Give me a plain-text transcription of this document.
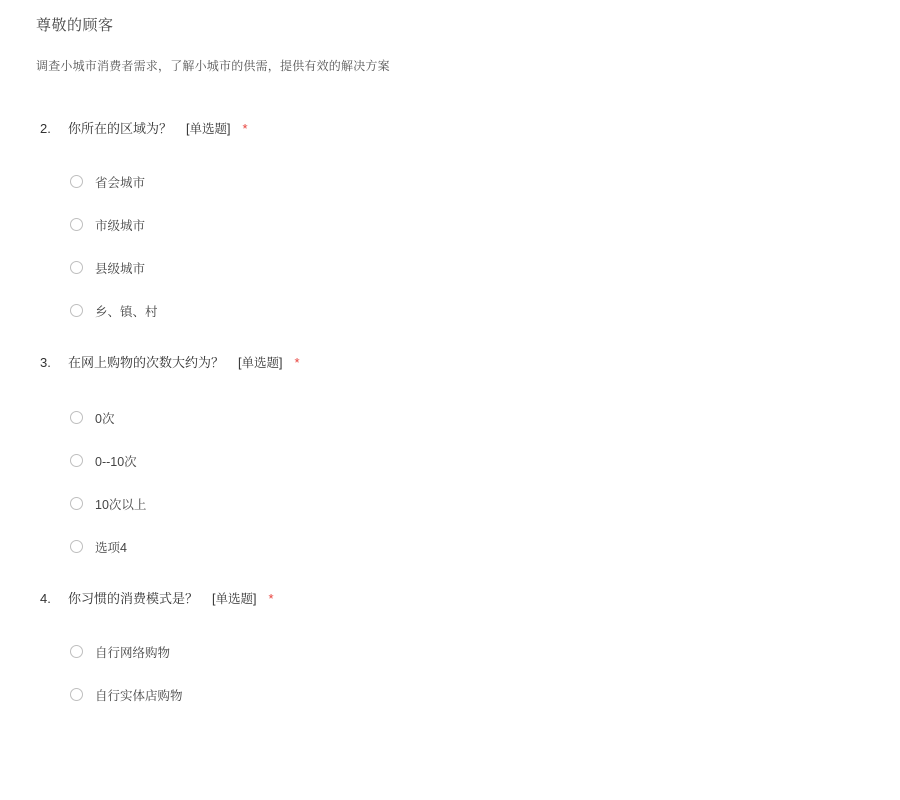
尊敬的顾客
调查小城市消费者需求，了解小城市的供需，提供有效的解决方案
2.	你所在的区域为？ [单选题] *
省会城市
市级城市
县级城市
乡、镇、村
3.	在网上购物的次数大约为？ [单选题] *
0次
0--10次
10次以上
选项4
4.	你习惯的消费模式是？ [单选题] *
自行网络购物
自行实体店购物
